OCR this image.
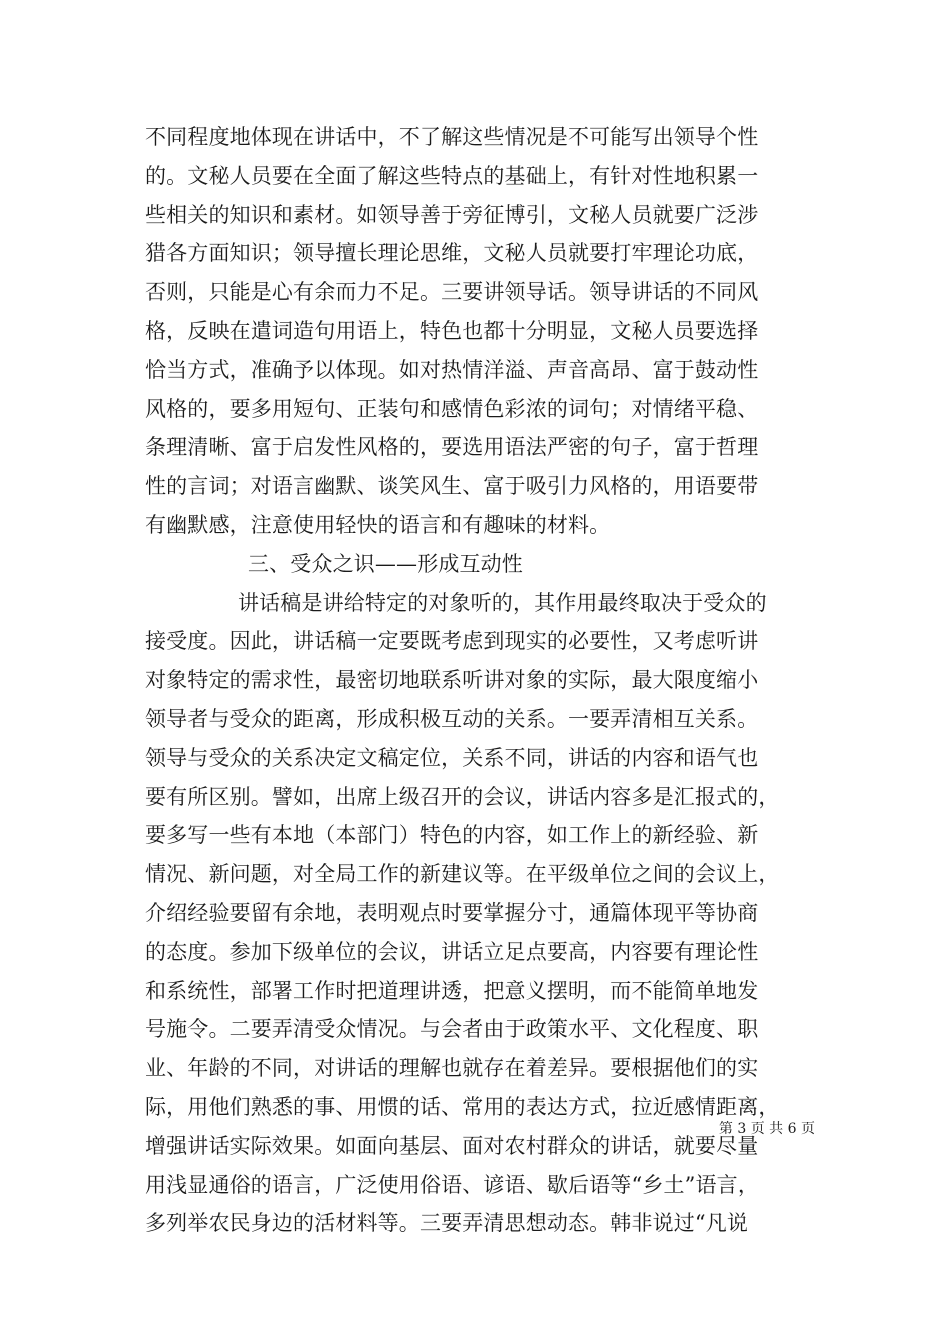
不同程度地体现在讲话中，不了解这些情况是不可能写出领导个性
的。文秘人员要在全面了解这些特点的基础上，有针对性地积累一
些相关的知识和素材。如领导善于旁征博引，文秘人员就要广泛涉
猎各方面知识；领导擅长理论思维，文秘人员就要打牢理论功底，
否则，只能是心有余而力不足。三要讲领导话。领导讲话的不同风
格，反映在遣词造句用语上，特色也都十分明显，文秘人员要选择
恰当方式，准确予以体现。如对热情洋溢、声音高昂、富于鼓动性
风格的，要多用短句、正装句和感情色彩浓的词句；对情绪平稳、
条理清晰、富于启发性风格的，要选用语法严密的句子，富于哲理
性的言词；对语言幽默、谈笑风生、富于吸引力风格的，用语要带
有幽默感，注意使用轻快的语言和有趣味的材料。
三、受众之识——形成互动性
讲话稿是讲给特定的对象听的，其作用最终取决于受众的
接受度。因此，讲话稿一定要既考虑到现实的必要性，又考虑听讲
对象特定的需求性，最密切地联系听讲对象的实际，最大限度缩小
领导者与受众的距离，形成积极互动的关系。一要弄清相互关系。
领导与受众的关系决定文稿定位，关系不同，讲话的内容和语气也
要有所区别。譬如，出席上级召开的会议，讲话内容多是汇报式的，
要多写一些有本地（本部门）特色的内容，如工作上的新经验、新
情况、新问题，对全局工作的新建议等。在平级单位之间的会议上，
介绍经验要留有余地，表明观点时要掌握分寸，通篇体现平等协商
的态度。参加下级单位的会议，讲话立足点要高，内容要有理论性
和系统性，部署工作时把道理讲透，把意义摆明，而不能简单地发
号施令。二要弄清受众情况。与会者由于政策水平、文化程度、职
业、年龄的不同，对讲话的理解也就存在着差异。要根据他们的实
际，用他们熟悉的事、用惯的话、常用的表达方式，拉近感情距离，
增强讲话实际效果。如面向基层、面对农村群众的讲话，就要尽量
用浅显通俗的语言，广泛使用俗语、谚语、歇后语等“乡土”语言，
多列举农民身边的活材料等。三要弄清思想动态。韩非说过“凡说
第 3 页 共 6 页
